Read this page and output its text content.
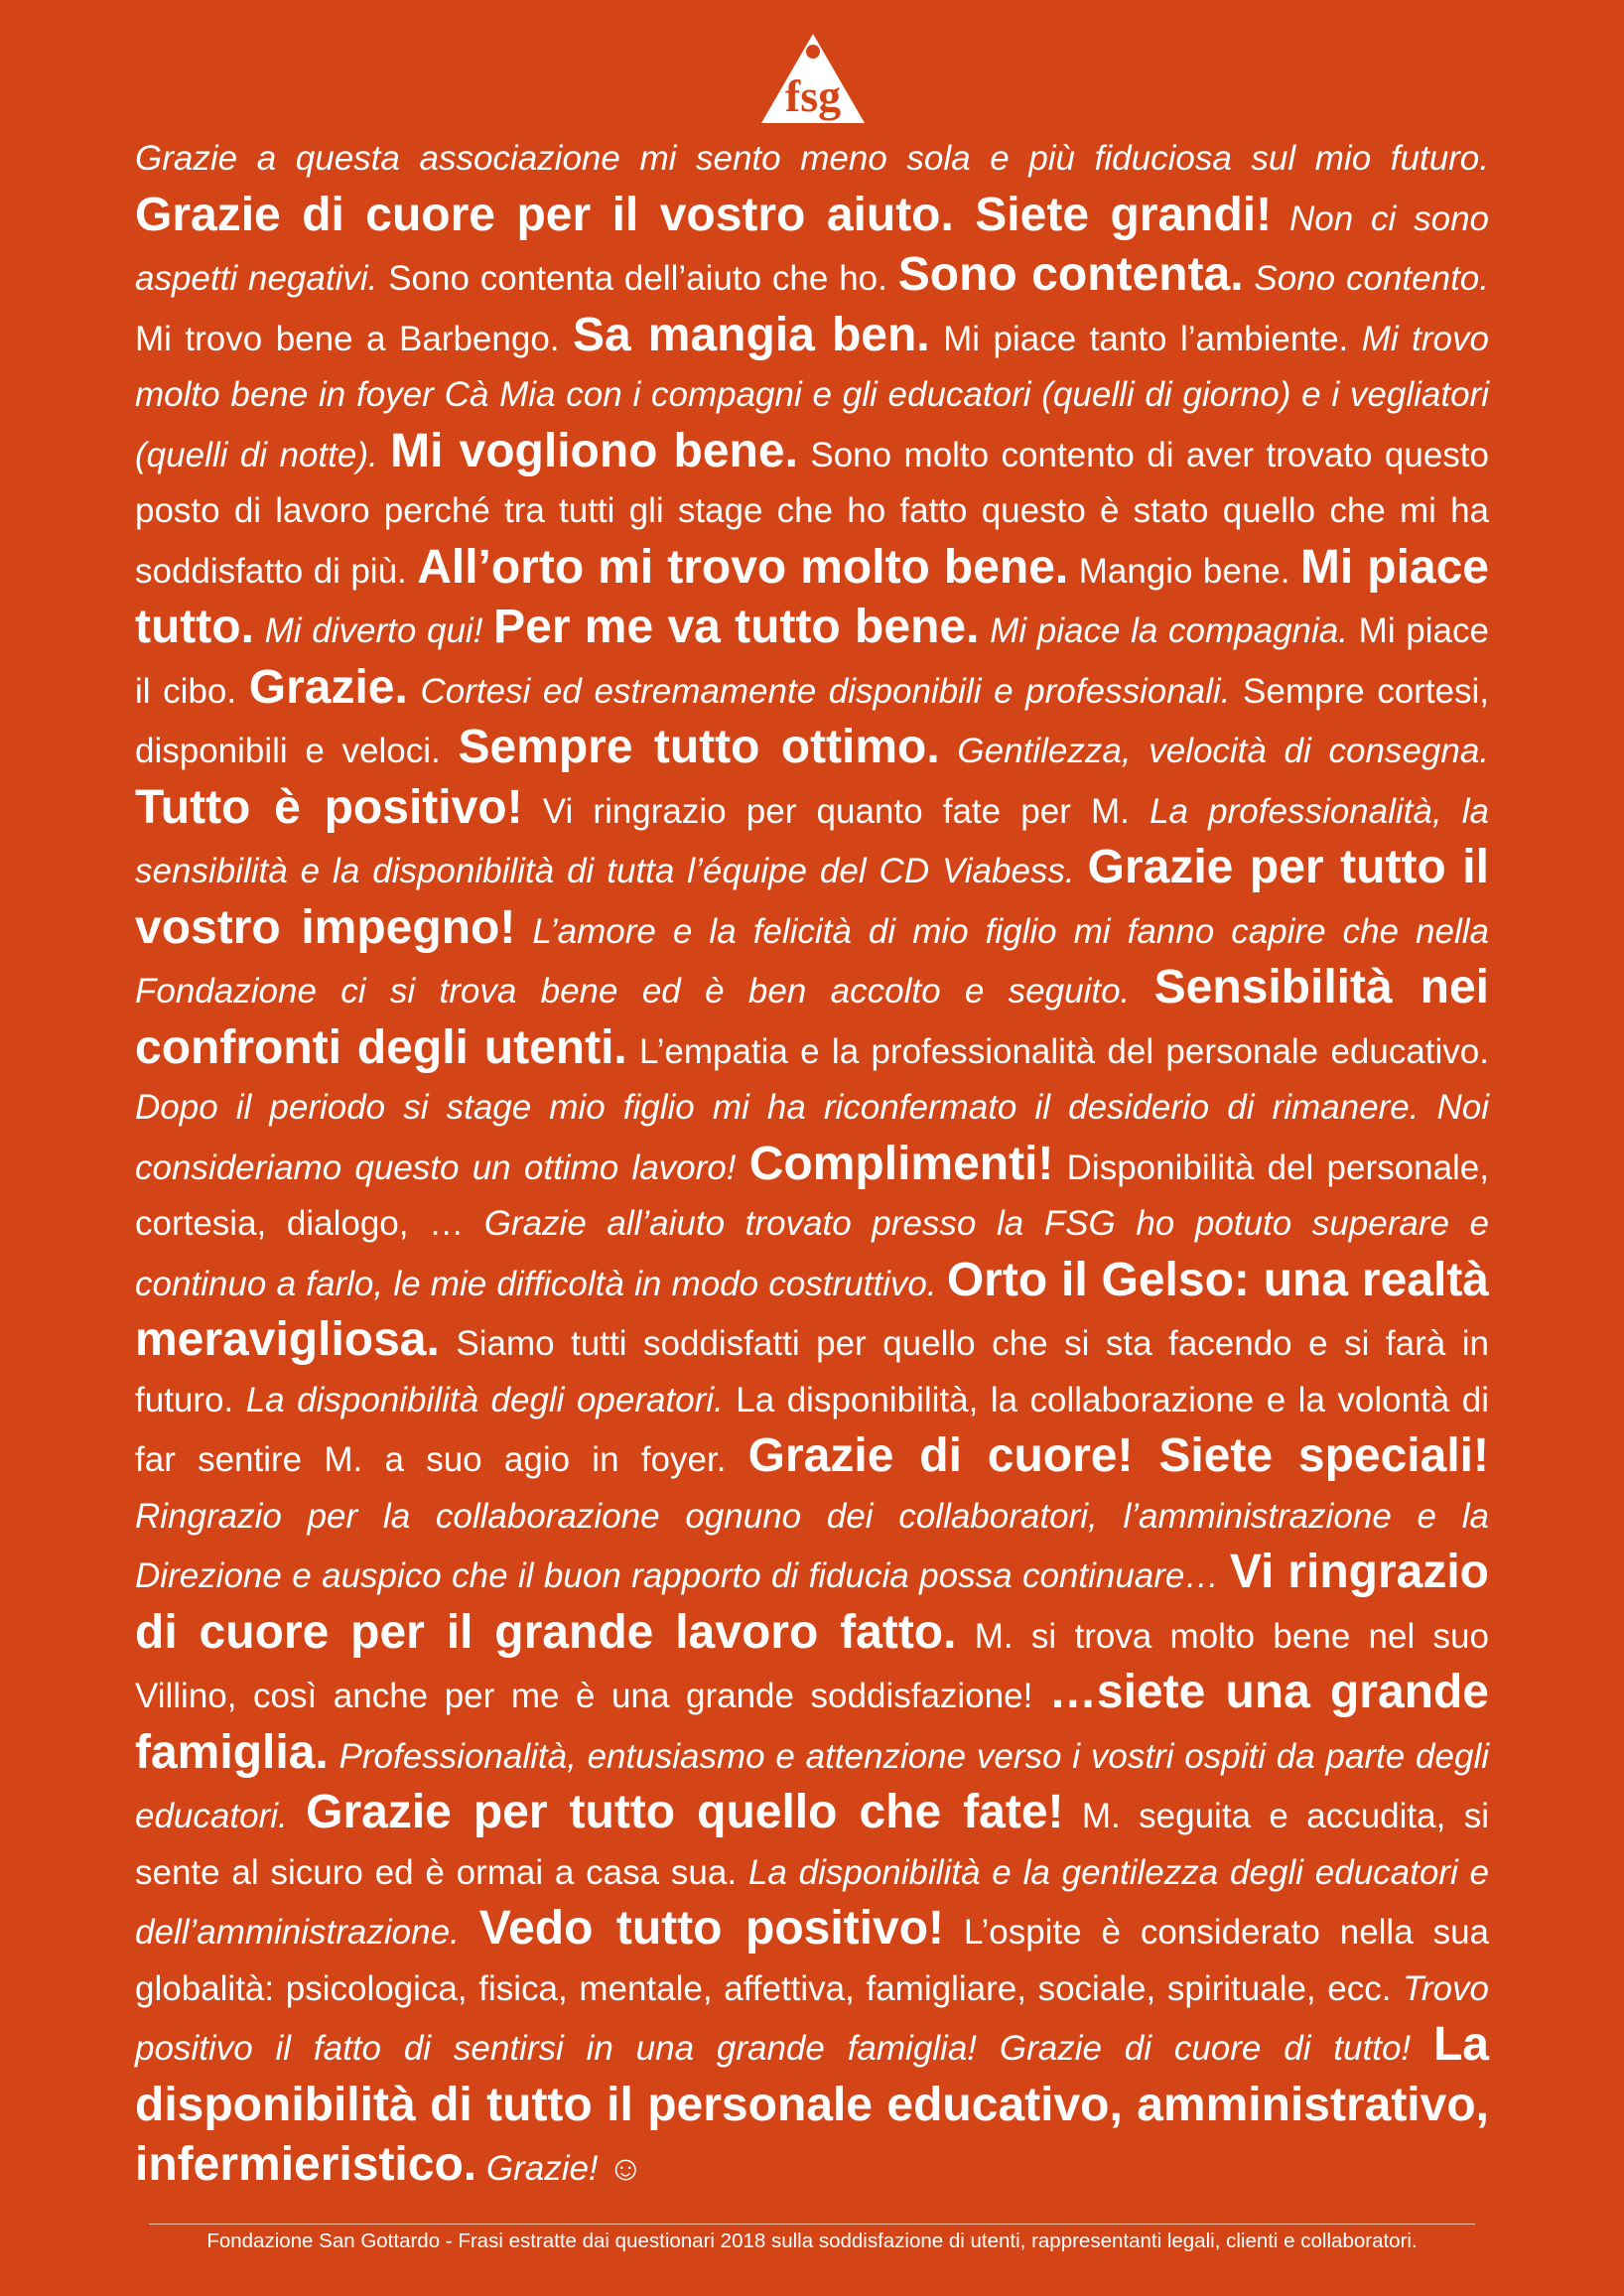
fsg
Grazie a questa associazione mi sento meno sola e più fiduciosa sul mio futuro. Grazie di cuore per il vostro aiuto. Siete grandi! Non ci sono aspetti negativi. Sono contenta dell’aiuto che ho. Sono contenta. Sono contento. Mi trovo bene a Barbengo. Sa mangia ben. Mi piace tanto l’ambiente. Mi trovo molto bene in foyer Cà Mia con i compagni e gli educatori (quelli di giorno) e i vegliatori (quelli di notte). Mi vogliono bene. Sono molto contento di aver trovato questo posto di lavoro perché tra tutti gli stage che ho fatto questo è stato quello che mi ha soddisfatto di più. All’orto mi trovo molto bene. Mangio bene. Mi piace tutto. Mi diverto qui! Per me va tutto bene. Mi piace la compagnia. Mi piace il cibo. Grazie. Cortesi ed estremamente disponibili e professionali. Sempre cortesi, disponibili e veloci. Sempre tutto ottimo. Gentilezza, velocità di consegna. Tutto è positivo! Vi ringrazio per quanto fate per M. La professionalità, la sensibilità e la disponibilità di tutta l’équipe del CD Viabess. Grazie per tutto il vostro impegno! L’amore e la felicità di mio figlio mi fanno capire che nella Fondazione ci si trova bene ed è ben accolto e seguito. Sensibilità nei confronti degli utenti. L’empatia e la professionalità del personale educativo. Dopo il periodo si stage mio figlio mi ha riconfermato il desiderio di rimanere. Noi consideriamo questo un ottimo lavoro! Complimenti! Disponibilità del personale, cortesia, dialogo, … Grazie all’aiuto trovato presso la FSG ho potuto superare e continuo a farlo, le mie difficoltà in modo costruttivo. Orto il Gelso: una realtà meravigliosa. Siamo tutti soddisfatti per quello che si sta facendo e si farà in futuro. La disponibilità degli operatori. La disponibilità, la collaborazione e la volontà di far sentire M. a suo agio in foyer. Grazie di cuore! Siete speciali! Ringrazio per la collaborazione ognuno dei collaboratori, l’amministrazione e la Direzione e auspico che il buon rapporto di fiducia possa continuare… Vi ringrazio di cuore per il grande lavoro fatto. M. si trova molto bene nel suo Villino, così anche per me è una grande soddisfazione! …siete una grande famiglia. Professionalità, entusiasmo e attenzione verso i vostri ospiti da parte degli educatori. Grazie per tutto quello che fate! M. seguita e accudita, si sente al sicuro ed è ormai a casa sua. La disponibilità e la gentilezza degli educatori e dell’amministrazione. Vedo tutto positivo! L’ospite è considerato nella sua globalità: psicologica, fisica, mentale, affettiva, famigliare, sociale, spirituale, ecc. Trovo positivo il fatto di sentirsi in una grande famiglia! Grazie di cuore di tutto! La disponibilità di tutto il personale educativo, amministrativo, infermieristico. Grazie! ☺
Fondazione San Gottardo - Frasi estratte dai questionari 2018 sulla soddisfazione di utenti, rappresentanti legali, clienti e collaboratori.
